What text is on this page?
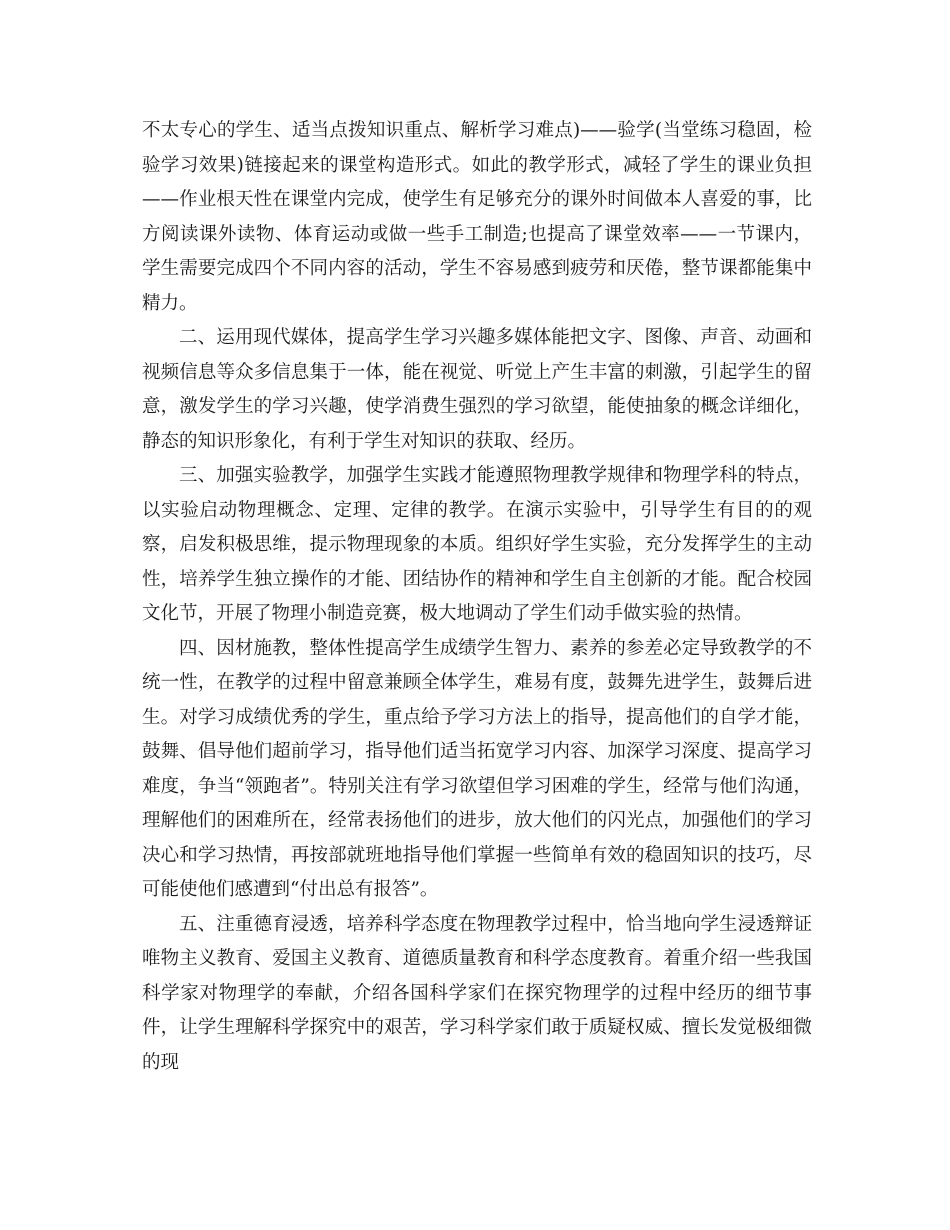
不太专心的学生、适当点拨知识重点、解析学习难点)——验学(当堂练习稳固，检验学习效果)链接起来的课堂构造形式。如此的教学形式，减轻了学生的课业负担——作业根天性在课堂内完成，使学生有足够充分的课外时间做本人喜爱的事，比方阅读课外读物、体育运动或做一些手工制造;也提高了课堂效率——一节课内，学生需要完成四个不同内容的活动，学生不容易感到疲劳和厌倦，整节课都能集中精力。

二、运用现代媒体，提高学生学习兴趣多媒体能把文字、图像、声音、动画和视频信息等众多信息集于一体，能在视觉、听觉上产生丰富的刺激，引起学生的留意，激发学生的学习兴趣，使学消费生强烈的学习欲望，能使抽象的概念详细化，静态的知识形象化，有利于学生对知识的获取、经历。

三、加强实验教学，加强学生实践才能遵照物理教学规律和物理学科的特点，以实验启动物理概念、定理、定律的教学。在演示实验中，引导学生有目的的观察，启发积极思维，提示物理现象的本质。组织好学生实验，充分发挥学生的主动性，培养学生独立操作的才能、团结协作的精神和学生自主创新的才能。配合校园文化节，开展了物理小制造竞赛，极大地调动了学生们动手做实验的热情。

四、因材施教，整体性提高学生成绩学生智力、素养的参差必定导致教学的不统一性，在教学的过程中留意兼顾全体学生，难易有度，鼓舞先进学生，鼓舞后进生。对学习成绩优秀的学生，重点给予学习方法上的指导，提高他们的自学才能，鼓舞、倡导他们超前学习，指导他们适当拓宽学习内容、加深学习深度、提高学习难度，争当“领跑者”。特别关注有学习欲望但学习困难的学生，经常与他们沟通，理解他们的困难所在，经常表扬他们的进步，放大他们的闪光点，加强他们的学习决心和学习热情，再按部就班地指导他们掌握一些简单有效的稳固知识的技巧，尽可能使他们感遭到“付出总有报答”。

五、注重德育浸透，培养科学态度在物理教学过程中，恰当地向学生浸透辩证唯物主义教育、爱国主义教育、道德质量教育和科学态度教育。着重介绍一些我国科学家对物理学的奉献，介绍各国科学家们在探究物理学的过程中经历的细节事件，让学生理解科学探究中的艰苦，学习科学家们敢于质疑权威、擅长发觉极细微的现
